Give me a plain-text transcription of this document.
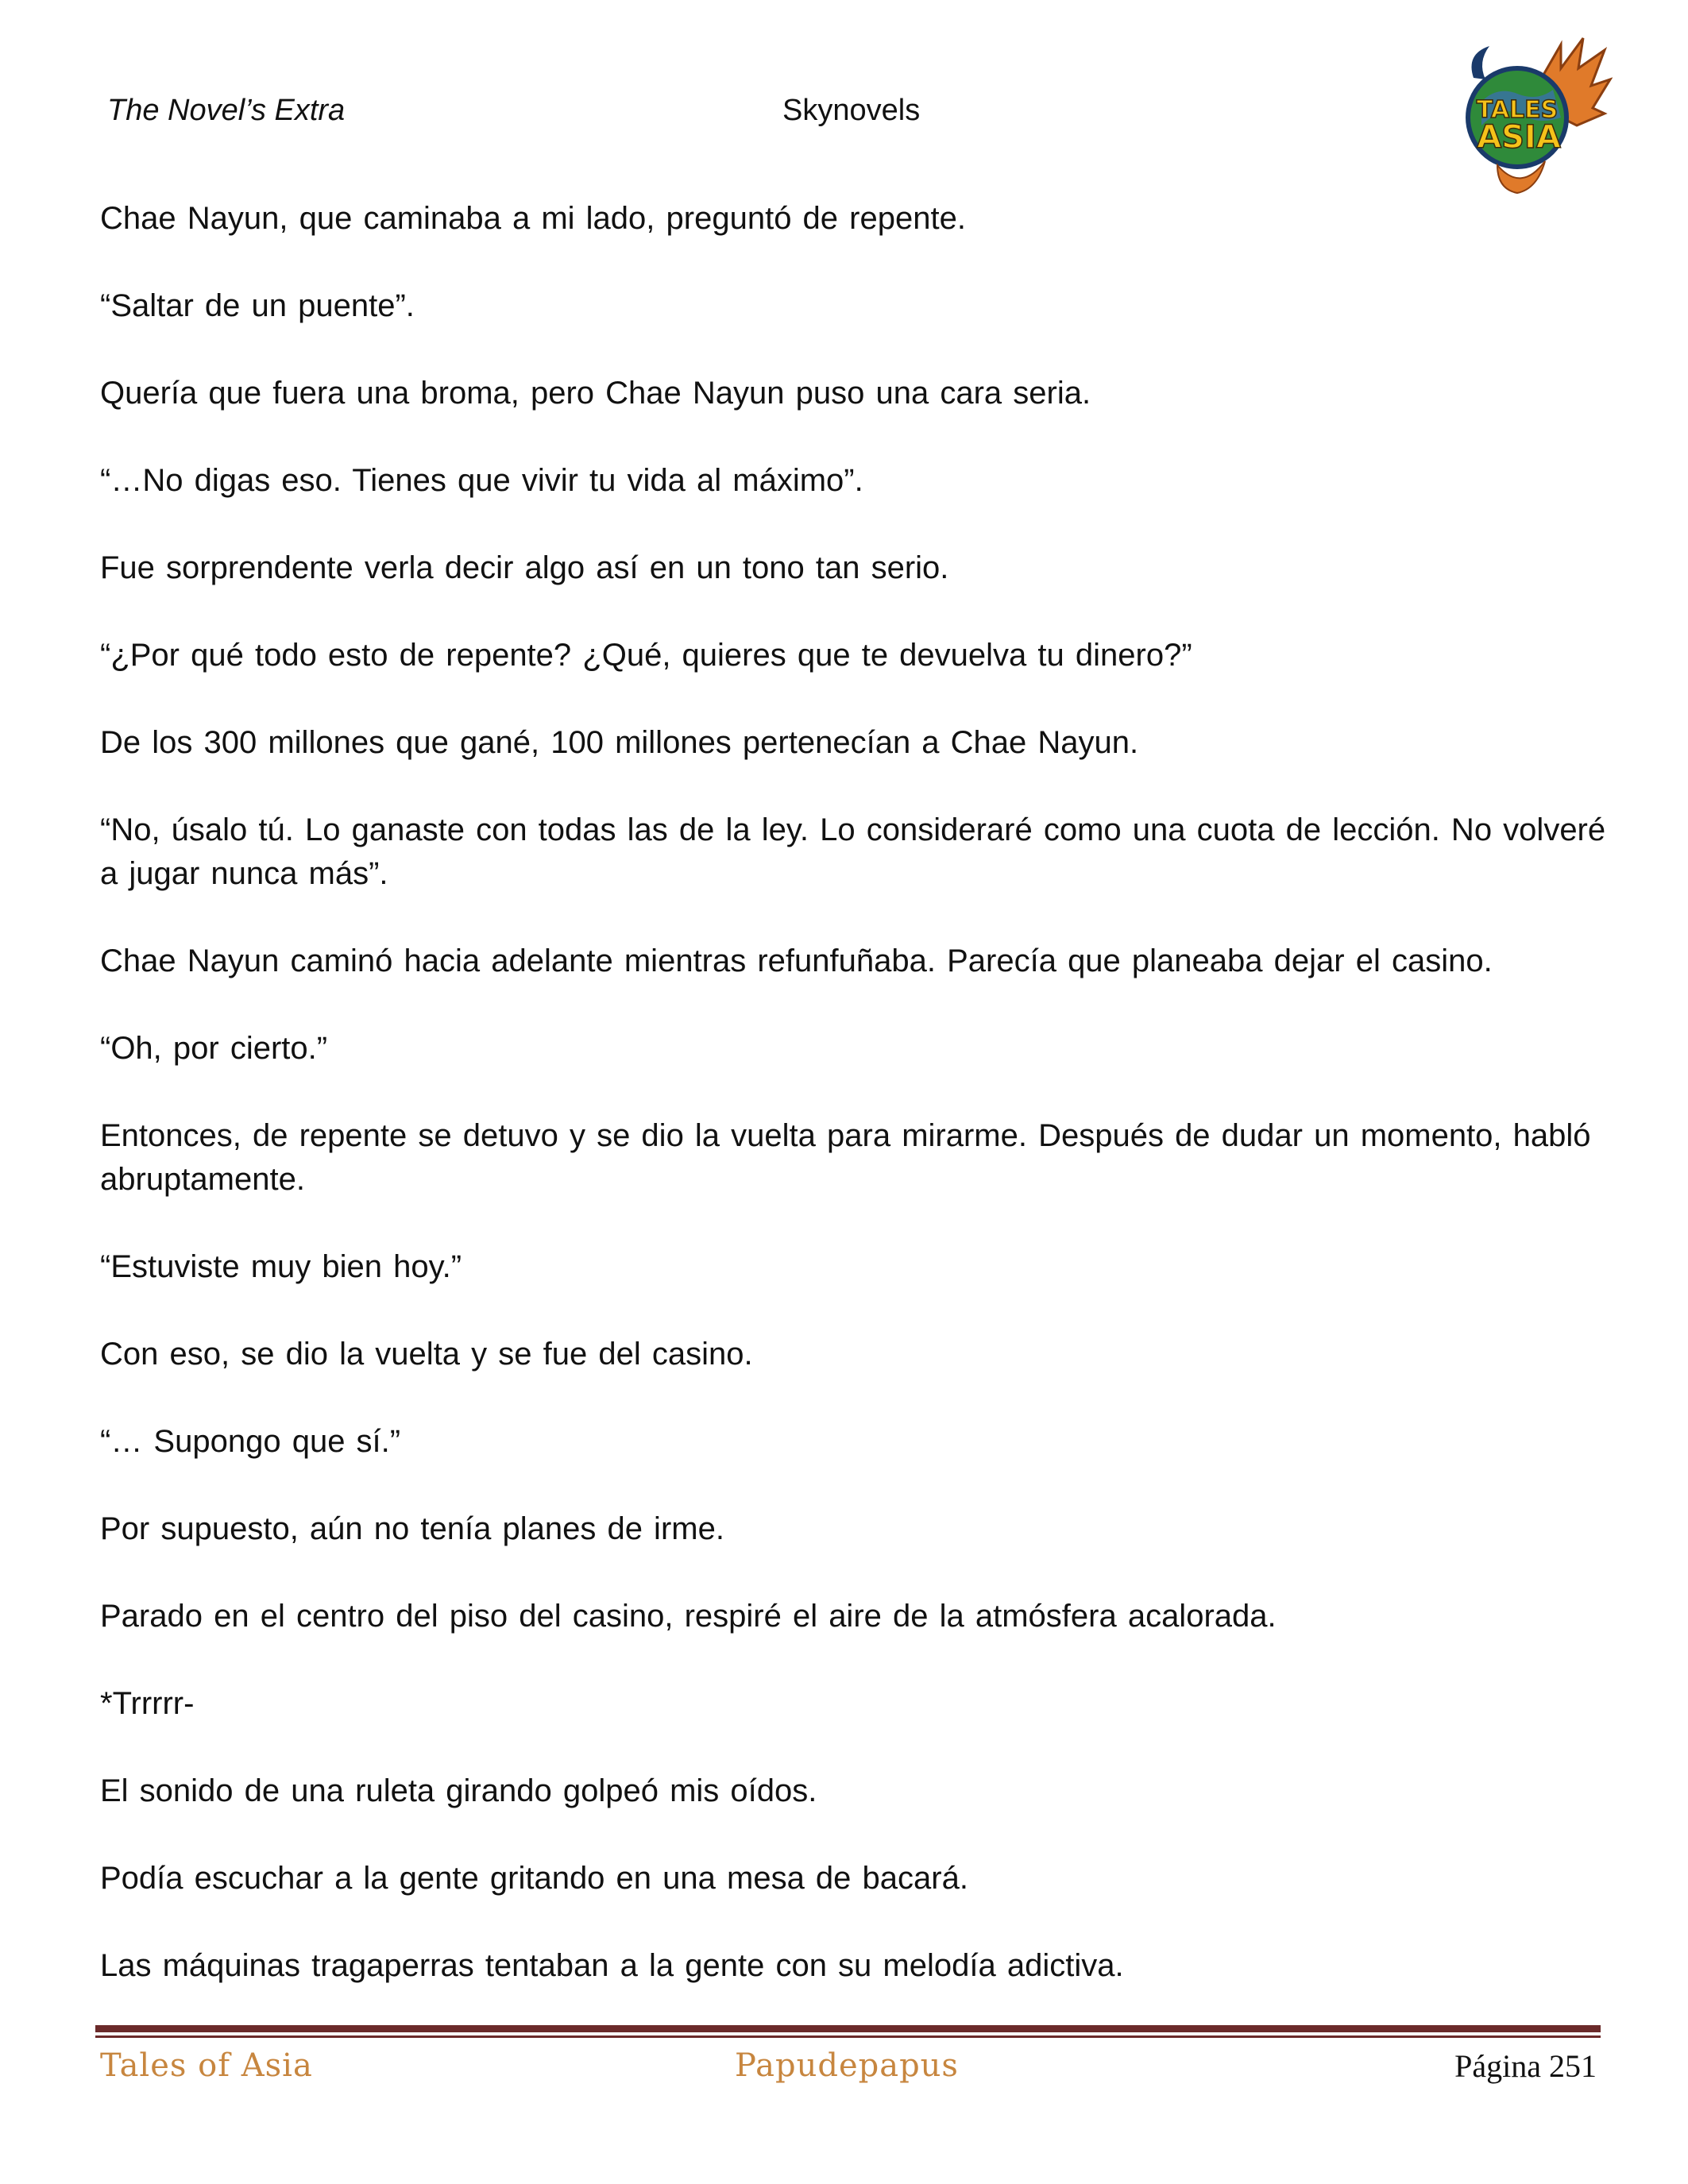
The Novel’s Extra	Skynovels	TALES
ASIA

Chae Nayun, que caminaba a mi lado, preguntó de repente.

“Saltar de un puente”.

Quería que fuera una broma, pero Chae Nayun puso una cara seria.

“…No digas eso. Tienes que vivir tu vida al máximo”.

Fue sorprendente verla decir algo así en un tono tan serio.

“¿Por qué todo esto de repente? ¿Qué, quieres que te devuelva tu dinero?”

De los 300 millones que gané, 100 millones pertenecían a Chae Nayun.

“No, úsalo tú. Lo ganaste con todas las de la ley. Lo consideraré como una cuota de lección. No volveré a jugar nunca más”.

Chae Nayun caminó hacia adelante mientras refunfuñaba. Parecía que planeaba dejar el casino.

“Oh, por cierto.”

Entonces, de repente se detuvo y se dio la vuelta para mirarme. Después de dudar un momento, habló abruptamente.

“Estuviste muy bien hoy.”

Con eso, se dio la vuelta y se fue del casino.

“… Supongo que sí.”

Por supuesto, aún no tenía planes de irme.

Parado en el centro del piso del casino, respiré el aire de la atmósfera acalorada.

*Trrrrr-

El sonido de una ruleta girando golpeó mis oídos.

Podía escuchar a la gente gritando en una mesa de bacará.

Las máquinas tragaperras tentaban a la gente con su melodía adictiva.

Tales of Asia	Papudepapus	Página 251
